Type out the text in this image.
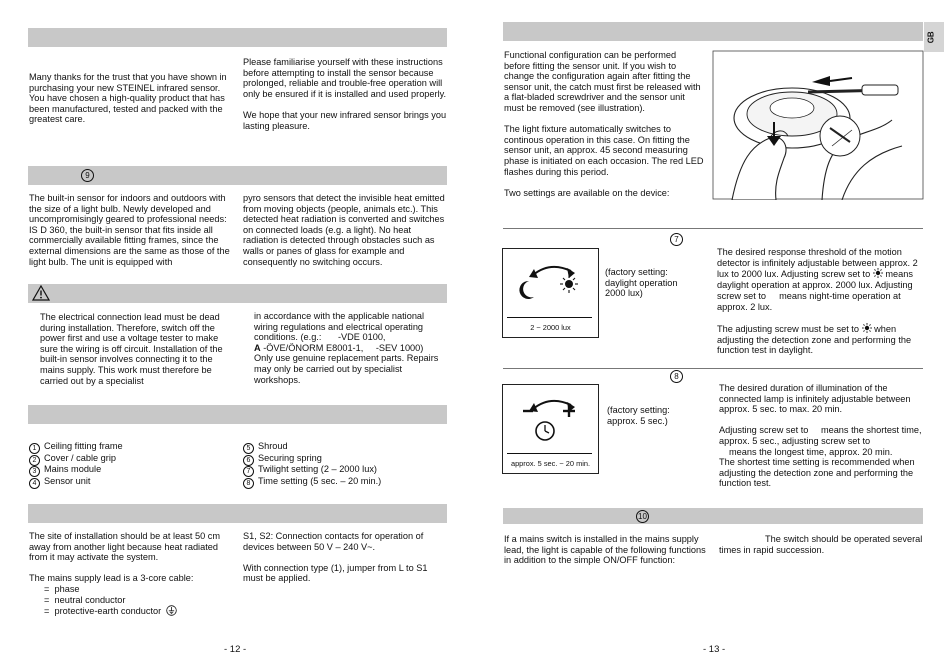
Many thanks for the trust that you have shown in purchasing your new STEINEL infrared sensor. You have chosen a high-quality product that has been manufactured, tested and packed with the greatest care.

Please familiarise yourself with these instructions before attempting to install the sensor because prolonged, reliable and trouble-free operation will only be ensured if it is installed and used properly.

We hope that your new infrared sensor brings you lasting pleasure.

9

The built-in sensor for indoors and outdoors with the size of a light bulb. Newly developed and uncompromisingly geared to professional needs: IS D 360, the built-in sensor that fits inside all commercially available fitting frames, since the external dimensions are the same as those of the light bulb. The unit is equipped with

pyro sensors that detect the invisible heat emitted from moving objects (people, animals etc.). This detected heat radiation is converted and switches on connected loads (e.g. a light). No heat radiation is detected through obstacles such as walls or panes of glass for example and consequently no switching occurs.

The electrical connection lead must be dead during installation. Therefore, switch off the power first and use a voltage tester to make sure the wiring is off circuit. Installation of the built-in sensor involves connecting it to the mains supply. This work must therefore be carried out by a specialist

in accordance with the applicable national wiring regulations and electrical operating conditions. (e.g.: -VDE 0100,

A -ÖVE/ÖNORM E8001-1, -SEV 1000)

Only use genuine replacement parts. Repairs may only be carried out by specialist workshops.

1 Ceiling fitting frame
2 Cover / cable grip
3 Mains module
4 Sensor unit
5 Shroud
6 Securing spring
7 Twilight setting (2 – 2000 lux)
8 Time setting (5 sec. – 20 min.)

The site of installation should be at least 50 cm away from another light because heat radiated from it may activate the system.

The mains supply lead is a 3-core cable:

=  phase

=  neutral conductor

=  protective-earth conductor

S1, S2: Connection contacts for operation of devices between 50 V – 240 V~.

With connection type (1), jumper from L to S1 must be applied.

- 12 -
GB

Functional configuration can be performed before fitting the sensor unit. If you wish to change the configuration again after fitting the sensor unit, the catch must first be released with a flat-bladed screwdriver and the sensor unit must be removed (see illustration).

The light fixture automatically switches to continous operation in this case. On fitting the sensor unit, an approx. 45 second measuring phase is initiated on each occasion. The red LED flashes during this period.

Two settings are available on the device:

7
2 ~ 2000 lux

(factory setting: daylight operation 2000 lux)

The desired response threshold of the motion detector is infinitely adjustable between approx. 2 lux to 2000 lux. Adjusting screw set to means daylight operation at approx. 2000 lux. Adjusting screw set to means night-time operation at approx. 2 lux.

The adjusting screw must be set to when adjusting the detection zone and performing the function test in daylight.

8
approx. 5 sec. ~ 20 min.

(factory setting: approx. 5 sec.)

The desired duration of illumination of the connected lamp is infinitely adjustable between approx. 5 sec. to max. 20 min.

Adjusting screw set to means the shortest time, approx. 5 sec., adjusting screw set to

means the longest time, approx. 20 min.

The shortest time setting is recommended when adjusting the detection zone and performing the function test.

10

If a mains switch is installed in the mains supply lead, the light is capable of the following functions in addition to the simple ON/OFF function:

The switch should be operated several times in rapid succession.

- 13 -
